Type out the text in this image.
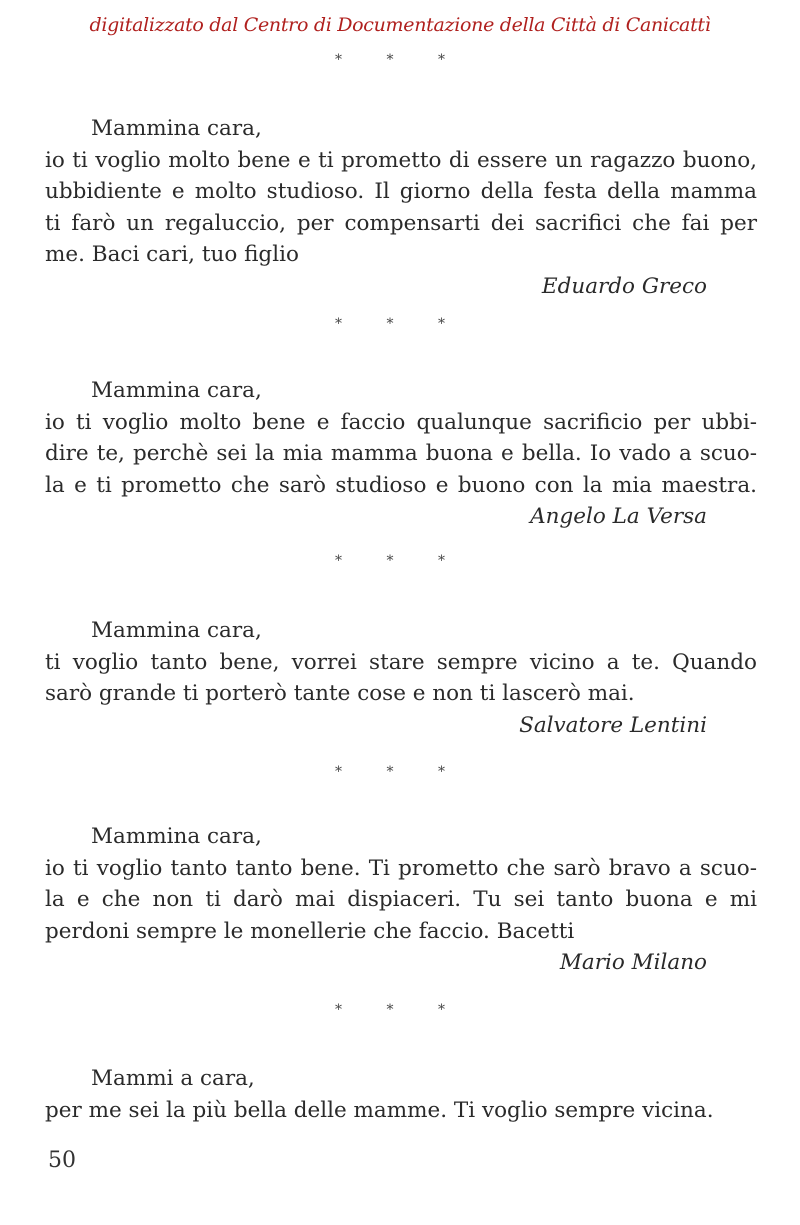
digitalizzato dal Centro di Documentazione della Città di Canicattì
* * *
Mammina cara,
io ti voglio molto bene e ti prometto di essere un ragazzo buono,
ubbidiente e molto studioso. Il giorno della festa della mamma
ti farò un regaluccio, per compensarti dei sacrifici che fai per
me. Baci cari, tuo figlio
Eduardo Greco
* * *
Mammina cara,
io ti voglio molto bene e faccio qualunque sacrificio per ubbi-
dire te, perchè sei la mia mamma buona e bella. Io vado a scuo-
la e ti prometto che sarò studioso e buono con la mia maestra.
Angelo La Versa
* * *
Mammina cara,
ti voglio tanto bene, vorrei stare sempre vicino a te. Quando
sarò grande ti porterò tante cose e non ti lascerò mai.
Salvatore Lentini
* * *
Mammina cara,
io ti voglio tanto tanto bene. Ti prometto che sarò bravo a scuo-
la e che non ti darò mai dispiaceri. Tu sei tanto buona e mi
perdoni sempre le monellerie che faccio. Bacetti
Mario Milano
* * *
Mammi a cara,
per me sei la più bella delle mamme. Ti voglio sempre vicina.
50
